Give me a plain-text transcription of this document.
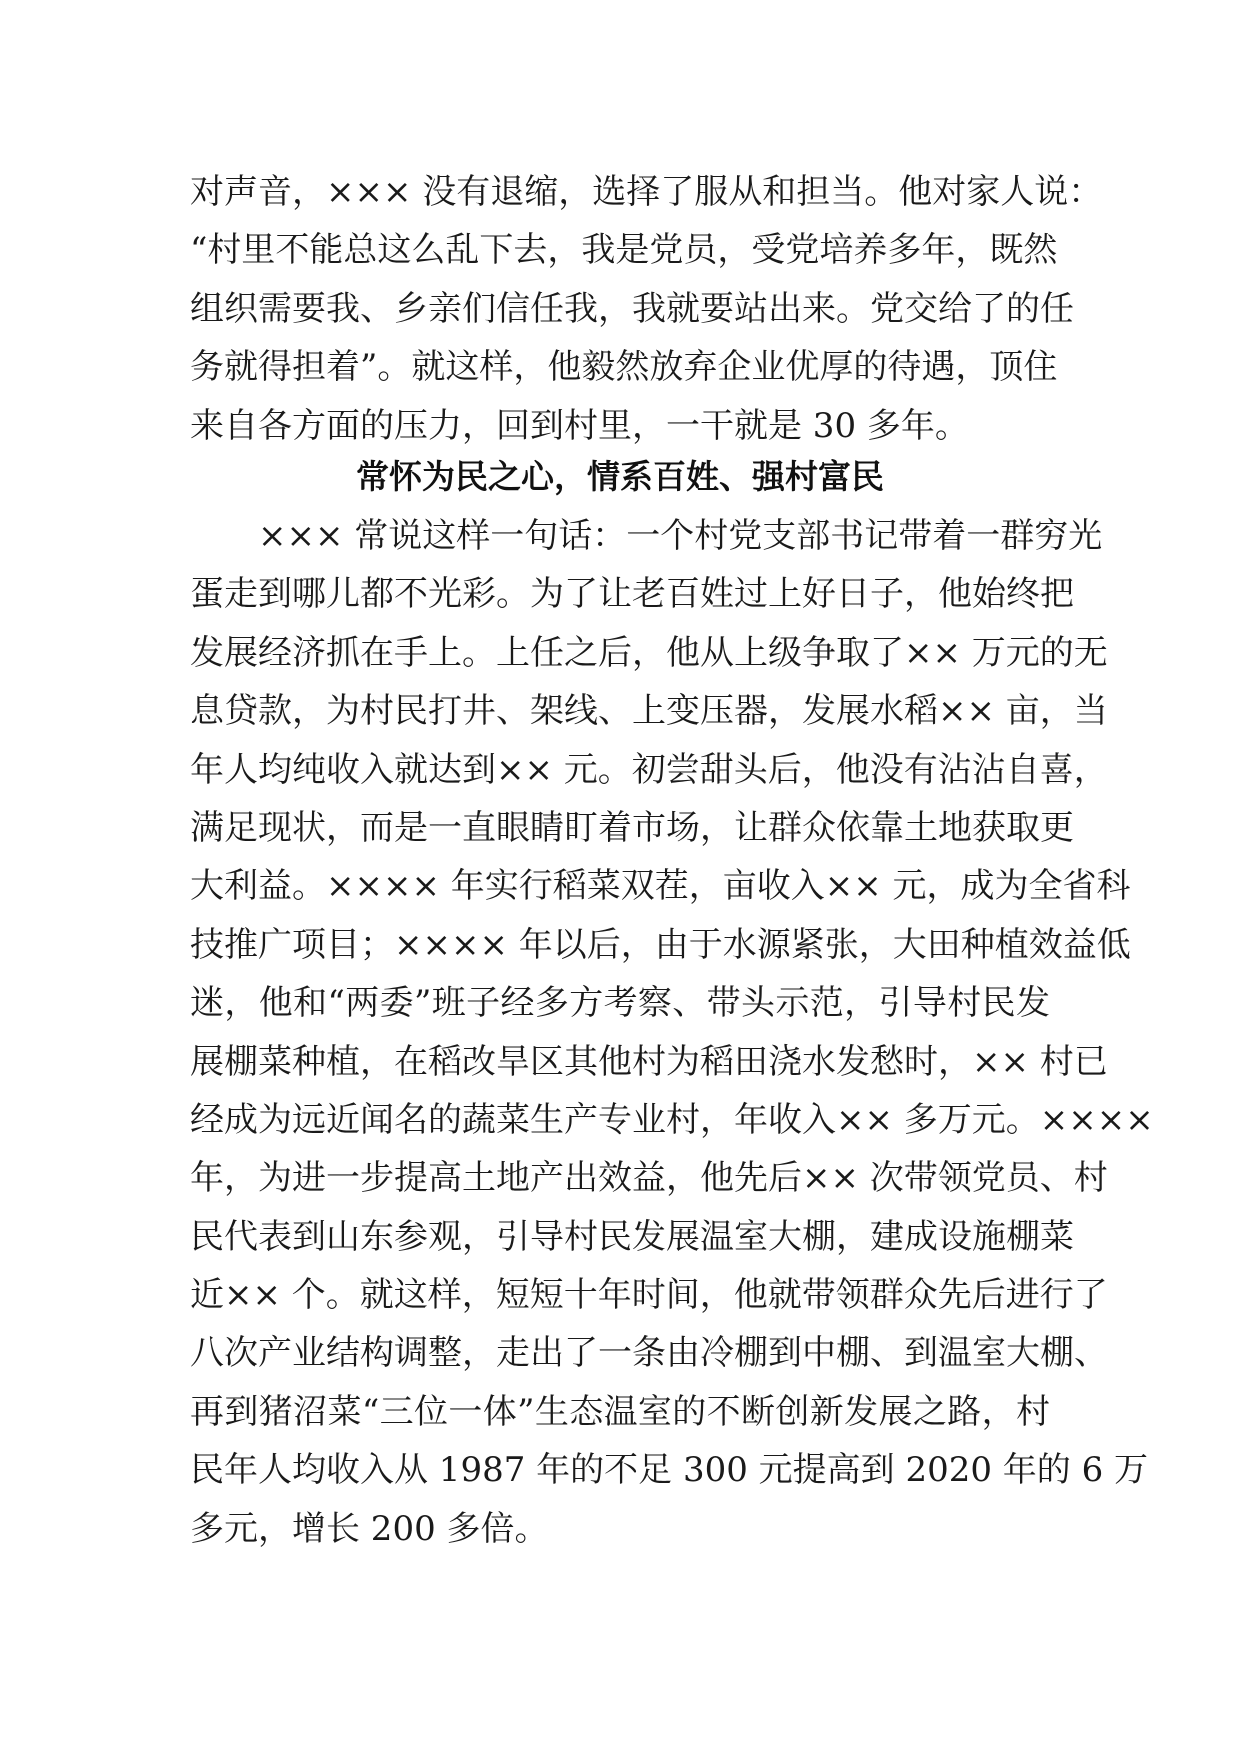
对声音，××× 没有退缩，选择了服从和担当。他对家人说：
“村里不能总这么乱下去，我是党员，受党培养多年，既然
组织需要我、乡亲们信任我，我就要站出来。党交给了的任
务就得担着”。就这样，他毅然放弃企业优厚的待遇，顶住
来自各方面的压力，回到村里，一干就是 30 多年。
常怀为民之心，情系百姓、强村富民
　　××× 常说这样一句话：一个村党支部书记带着一群穷光
蛋走到哪儿都不光彩。为了让老百姓过上好日子，他始终把
发展经济抓在手上。上任之后，他从上级争取了×× 万元的无
息贷款，为村民打井、架线、上变压器，发展水稻×× 亩，当
年人均纯收入就达到×× 元。初尝甜头后，他没有沾沾自喜，
满足现状，而是一直眼睛盯着市场，让群众依靠土地获取更
大利益。×××× 年实行稻菜双茬，亩收入×× 元，成为全省科
技推广项目；×××× 年以后，由于水源紧张，大田种植效益低
迷，他和“两委”班子经多方考察、带头示范，引导村民发
展棚菜种植，在稻改旱区其他村为稻田浇水发愁时，×× 村已
经成为远近闻名的蔬菜生产专业村，年收入×× 多万元。××××
年，为进一步提高土地产出效益，他先后×× 次带领党员、村
民代表到山东参观，引导村民发展温室大棚，建成设施棚菜
近×× 个。就这样，短短十年时间，他就带领群众先后进行了
八次产业结构调整，走出了一条由冷棚到中棚、到温室大棚、
再到猪沼菜“三位一体”生态温室的不断创新发展之路，村
民年人均收入从 1987 年的不足 300 元提高到 2020 年的 6 万
多元，增长 200 多倍。
